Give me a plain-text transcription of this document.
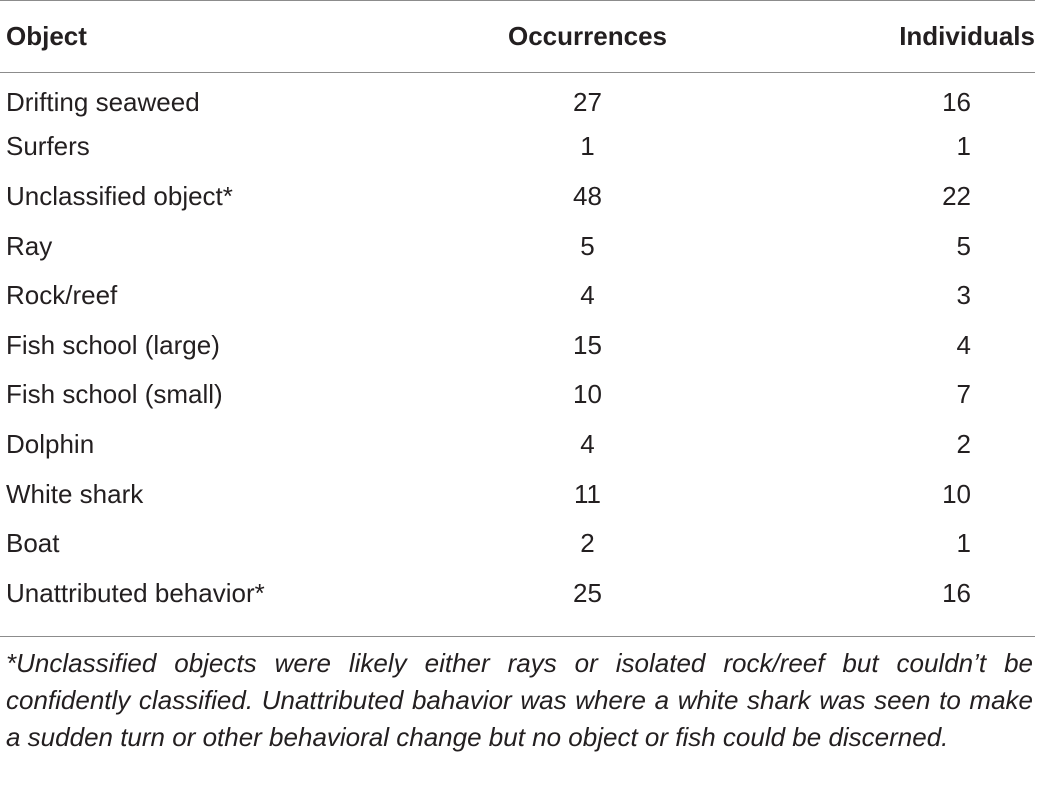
Object	Occurrences	Individuals
Drifting seaweed	27	16
Surfers	1	1
Unclassified object*	48	22
Ray	5	5
Rock/reef	4	3
Fish school (large)	15	4
Fish school (small)	10	7
Dolphin	4	2
White shark	11	10
Boat	2	1
Unattributed behavior*	25	16
*Unclassified objects were likely either rays or isolated rock/reef but couldn’t be confidently classified. Unattributed bahavior was where a white shark was seen to make a sudden turn or other behavioral change but no object or fish could be discerned.
